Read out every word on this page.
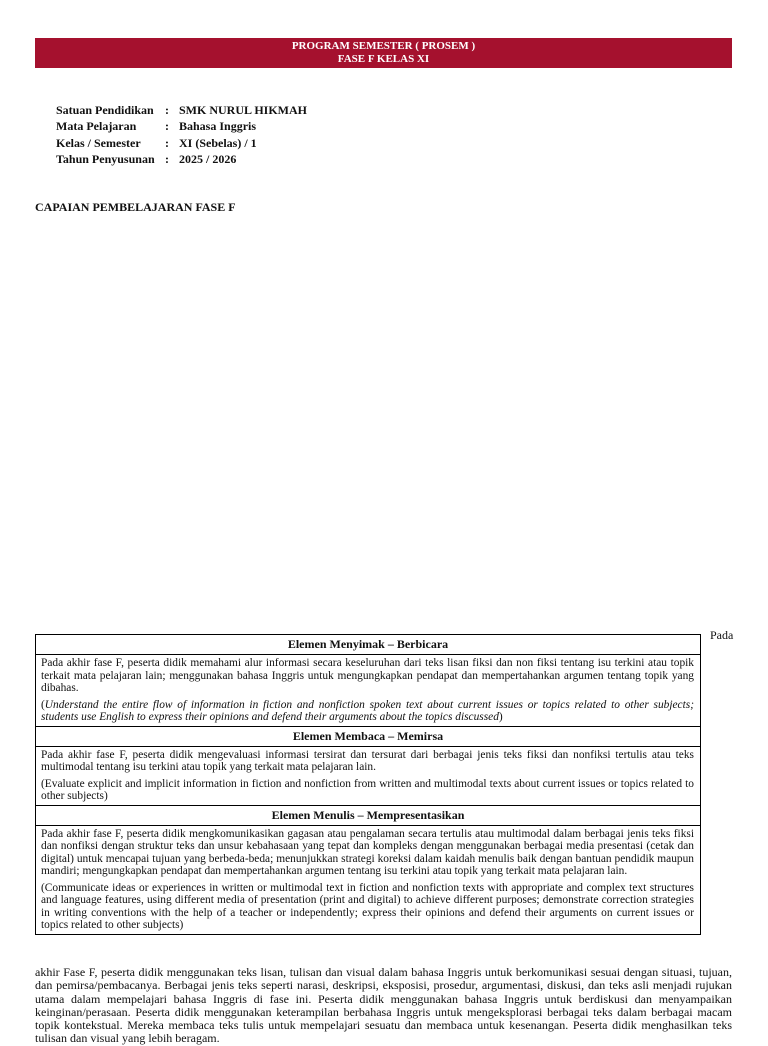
PROGRAM SEMESTER ( PROSEM )
FASE F KELAS XI
Satuan Pendidikan : SMK NURUL HIKMAH
Mata Pelajaran	: Bahasa Inggris
Kelas / Semester	: XI (Sebelas) / 1
Tahun Penyusunan : 2025 / 2026
CAPAIAN PEMBELAJARAN FASE F
Pada
Elemen Menyimak – Berbicara

Pada akhir fase F, peserta didik memahami alur informasi secara keseluruhan dari teks lisan fiksi dan non fiksi tentang isu terkini atau topik terkait mata pelajaran lain; menggunakan bahasa Inggris untuk mengungkapkan pendapat dan mempertahankan argumen tentang topik yang dibahas.

(Understand the entire flow of information in fiction and nonfiction spoken text about current issues or topics related to other subjects; students use English to express their opinions and defend their arguments about the topics discussed)

Elemen Membaca – Memirsa

Pada akhir fase F, peserta didik mengevaluasi informasi tersirat dan tersurat dari berbagai jenis teks fiksi dan nonfiksi tertulis atau teks multimodal tentang isu terkini atau topik yang terkait mata pelajaran lain.

(Evaluate explicit and implicit information in fiction and nonfiction from written and multimodal texts about current issues or topics related to other subjects)

Elemen Menulis – Mempresentasikan

Pada akhir fase F, peserta didik mengkomunikasikan gagasan atau pengalaman secara tertulis atau multimodal dalam berbagai jenis teks fiksi dan nonfiksi dengan struktur teks dan unsur kebahasaan yang tepat dan kompleks dengan menggunakan berbagai media presentasi (cetak dan digital) untuk mencapai tujuan yang berbeda-beda; menunjukkan strategi koreksi dalam kaidah menulis baik dengan bantuan pendidik maupun mandiri; mengungkapkan pendapat dan mempertahankan argumen tentang isu terkini atau topik yang terkait mata pelajaran lain.

(Communicate ideas or experiences in written or multimodal text in fiction and nonfiction texts with appropriate and complex text structures and language features, using different media of presentation (print and digital) to achieve different purposes; demonstrate correction strategies in writing conventions with the help of a teacher or independently; express their opinions and defend their arguments on current issues or topics related to other subjects)

akhir Fase F, peserta didik menggunakan teks lisan, tulisan dan visual dalam bahasa Inggris untuk berkomunikasi sesuai dengan situasi, tujuan, dan pemirsa/pembacanya. Berbagai jenis teks seperti narasi, deskripsi, eksposisi, prosedur, argumentasi, diskusi, dan teks asli menjadi rujukan utama dalam mempelajari bahasa Inggris di fase ini. Peserta didik menggunakan bahasa Inggris untuk berdiskusi dan menyampaikan keinginan/perasaan. Peserta didik menggunakan keterampilan berbahasa Inggris untuk mengeksplorasi berbagai teks dalam berbagai macam topik kontekstual. Mereka membaca teks tulis untuk mempelajari sesuatu dan membaca untuk kesenangan. Peserta didik menghasilkan teks tulisan dan visual yang lebih beragam.
